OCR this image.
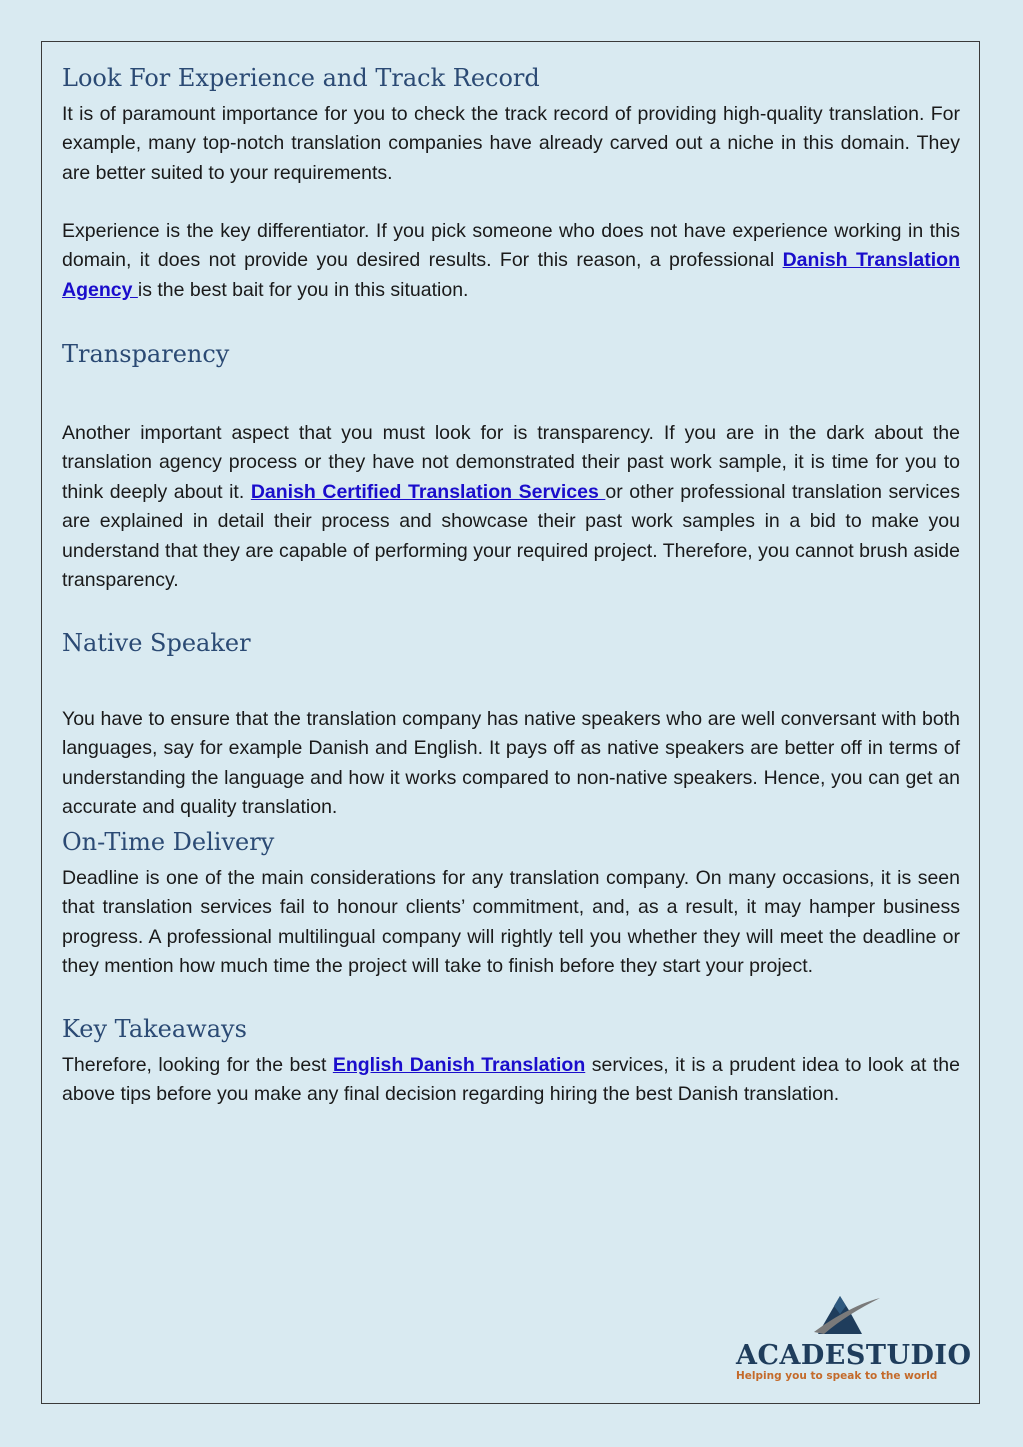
Look For Experience and Track Record

It is of paramount importance for you to check the track record of providing high-quality translation. For example, many top-notch translation companies have already carved out a niche in this domain. They are better suited to your requirements.

Experience is the key differentiator. If you pick someone who does not have experience working in this domain, it does not provide you desired results. For this reason, a professional Danish Translation Agency is the best bait for you in this situation.

Transparency

Another important aspect that you must look for is transparency. If you are in the dark about the translation agency process or they have not demonstrated their past work sample, it is time for you to think deeply about it. Danish Certified Translation Services or other professional translation services are explained in detail their process and showcase their past work samples in a bid to make you understand that they are capable of performing your required project. Therefore, you cannot brush aside transparency.

Native Speaker

You have to ensure that the translation company has native speakers who are well conversant with both languages, say for example Danish and English. It pays off as native speakers are better off in terms of understanding the language and how it works compared to non-native speakers. Hence, you can get an accurate and quality translation.

On-Time Delivery

Deadline is one of the main considerations for any translation company. On many occasions, it is seen that translation services fail to honour clients’ commitment, and, as a result, it may hamper business progress. A professional multilingual company will rightly tell you whether they will meet the deadline or they mention how much time the project will take to finish before they start your project.

Key Takeaways

Therefore, looking for the best English Danish Translation services, it is a prudent idea to look at the above tips before you make any final decision regarding hiring the best Danish translation.

ACADESTUDIO
Helping you to speak to the world
